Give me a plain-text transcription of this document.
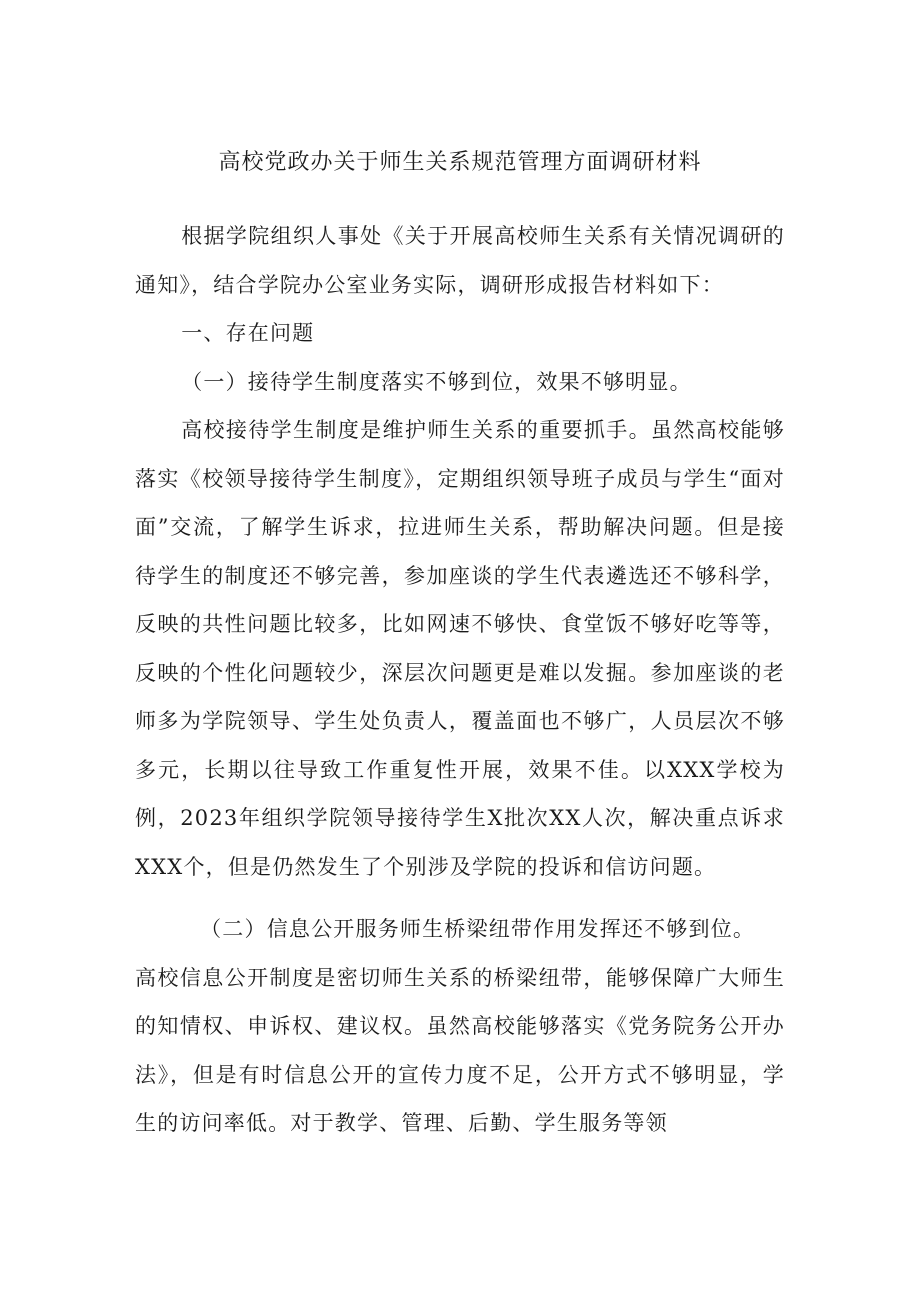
高校党政办关于师生关系规范管理方面调研材料

根据学院组织人事处《关于开展高校师生关系有关情况调研的通知》，结合学院办公室业务实际，调研形成报告材料如下：

一、存在问题

（一）接待学生制度落实不够到位，效果不够明显。

高校接待学生制度是维护师生关系的重要抓手。虽然高校能够落实《校领导接待学生制度》，定期组织领导班子成员与学生“面对面”交流，了解学生诉求，拉进师生关系，帮助解决问题。但是接待学生的制度还不够完善，参加座谈的学生代表遴选还不够科学，反映的共性问题比较多，比如网速不够快、食堂饭不够好吃等等，反映的个性化问题较少，深层次问题更是难以发掘。参加座谈的老师多为学院领导、学生处负责人，覆盖面也不够广，人员层次不够多元，长期以往导致工作重复性开展，效果不佳。以XXX学校为例，2023年组织学院领导接待学生X批次XX人次，解决重点诉求XXX个，但是仍然发生了个别涉及学院的投诉和信访问题。

（二）信息公开服务师生桥梁纽带作用发挥还不够到位。

高校信息公开制度是密切师生关系的桥梁纽带，能够保障广大师生的知情权、申诉权、建议权。虽然高校能够落实《党务院务公开办法》，但是有时信息公开的宣传力度不足，公开方式不够明显，学生的访问率低。对于教学、管理、后勤、学生服务等领
